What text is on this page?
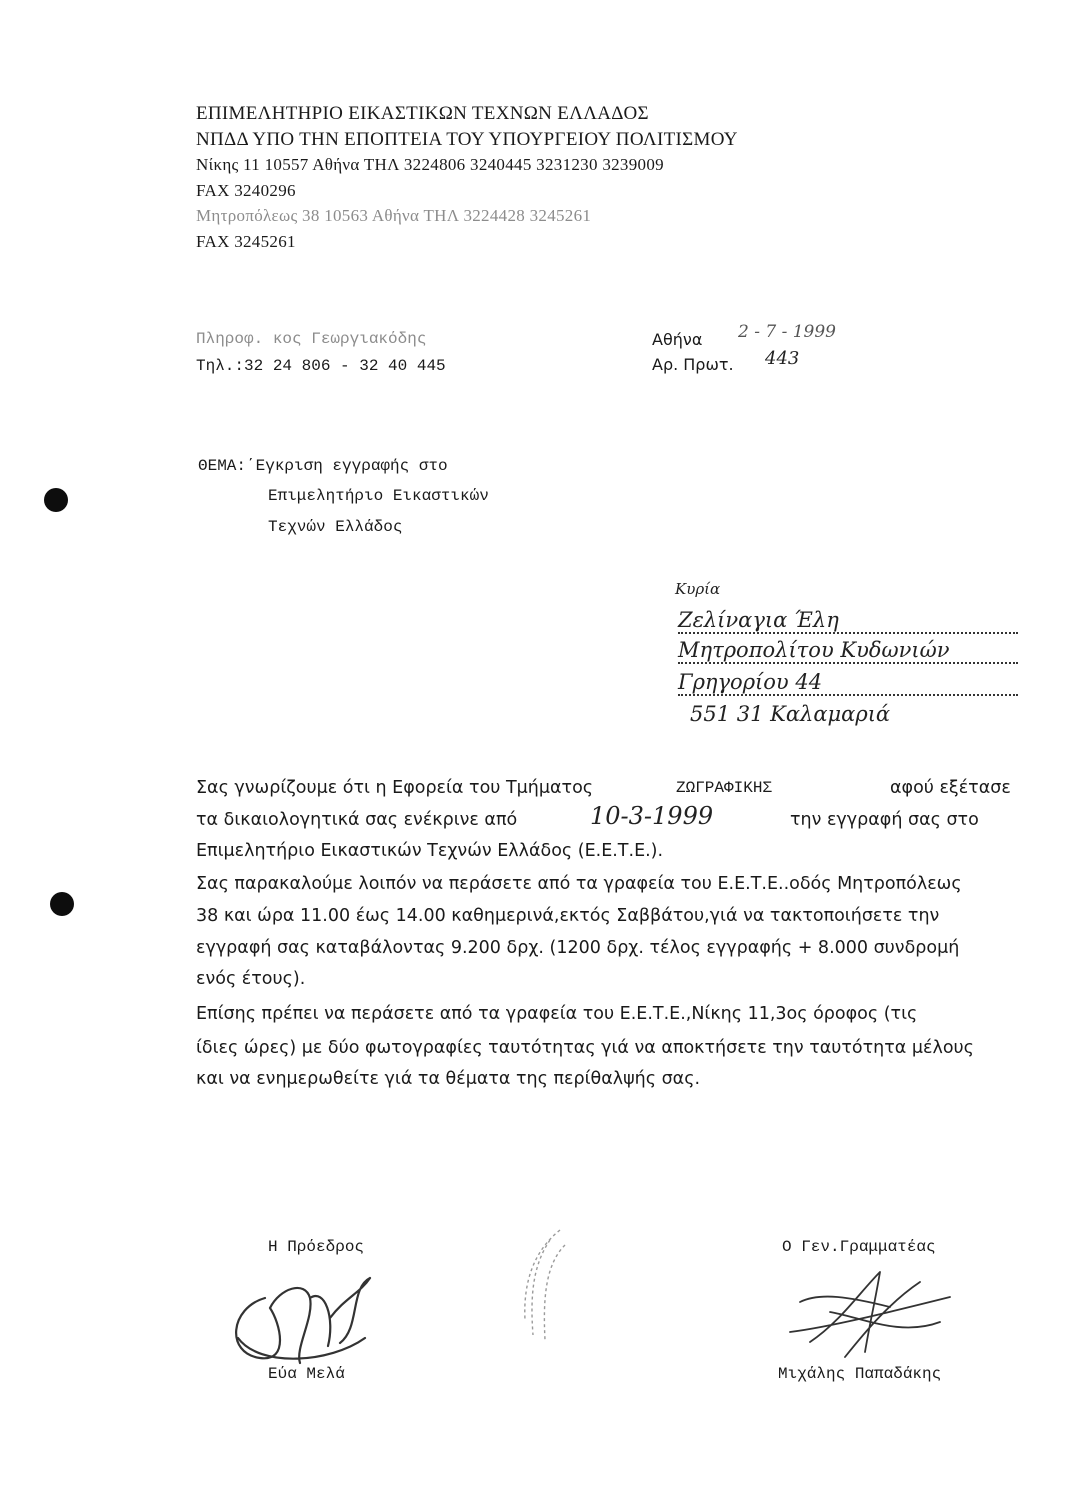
ΕΠΙΜΕΛΗΤΗΡΙΟ ΕΙΚΑΣΤΙΚΩΝ ΤΕΧΝΩΝ ΕΛΛΑΔΟΣ
ΝΠΔΔ ΥΠΟ ΤΗΝ ΕΠΟΠΤΕΙΑ ΤΟΥ ΥΠΟΥΡΓΕΙΟΥ ΠΟΛΙΤΙΣΜΟΥ
Νίκης 11 10557 Αθήνα ΤΗΛ 3224806 3240445 3231230 3239009
FAX 3240296
Μητροπόλεως 38 10563 Αθήνα ΤΗΛ 3224428 3245261
FAX 3245261
Πληροφ. κος Γεωργιακόδης
Τηλ.:32 24 806 - 32 40 445
Αθήνα 2 - 7 - 1999
Αρ. Πρωτ. 443
ΘΕΜΑ:΄Εγκριση εγγραφής στο
Επιμελητήριο Εικαστικών
Τεχνών Ελλάδος
Κυρία
Ζελίναγια Έλη
Μητροπολίτου Κυδωνιών
Γρηγορίου 44
551 31 Καλαμαριά
Σας γνωρίζουμε ότι η Εφορεία του Τμήματος	ΖΩΓΡΑΦΙΚΗΣ	αφού εξέτασε
τα δικαιολογητικά σας ενέκρινε από	10-3-1999	την εγγραφή σας στο
Επιμελητήριο Εικαστικών Τεχνών Ελλάδος (Ε.Ε.Τ.Ε.).
Σας παρακαλούμε λοιπόν να περάσετε από τα γραφεία του Ε.Ε.Τ.Ε..οδός Μητροπόλεως
38 και ώρα 11.00 έως 14.00 καθημερινά,εκτός Σαββάτου,γιά να τακτοποιήσετε την
εγγραφή σας καταβάλοντας 9.200 δρχ. (1200 δρχ. τέλος εγγραφής + 8.000 συνδρομή
ενός έτους).
Επίσης πρέπει να περάσετε από τα γραφεία του Ε.Ε.Τ.Ε.,Νίκης 11,3ος όροφος (τις
ίδιες ώρες) με δύο φωτογραφίες ταυτότητας γιά να αποκτήσετε την ταυτότητα μέλους
και να ενημερωθείτε γιά τα θέματα της περίθαλψής σας.
Η Πρόεδρος
Εύα Μελά
Ο Γεν.Γραμματέας
Μιχάλης Παπαδάκης
